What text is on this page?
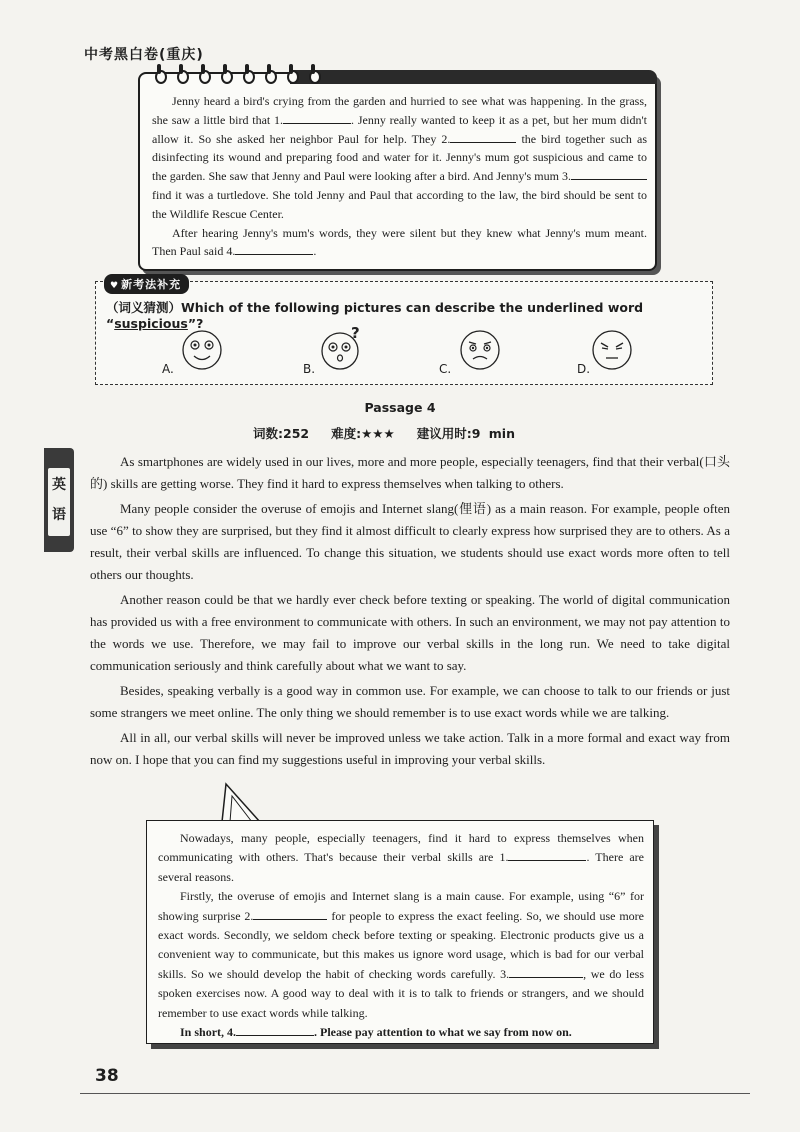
中考黑白卷(重庆)

Jenny heard a bird's crying from the garden and hurried to see what was happening. In the grass, she saw a little bird that 1.	. Jenny really wanted to keep it as a pet, but her mum didn't allow it. So she asked her neighbor Paul for help. They 2.	the bird together such as disinfecting its wound and preparing food and water for it. Jenny's mum got suspicious and came to the garden. She saw that Jenny and Paul were looking after a bird. And Jenny's mum 3. find it was a turtledove. She told Jenny and Paul that according to the law, the bird should be sent to the Wildlife Rescue Center.

After hearing Jenny's mum's words, they were silent but they knew what Jenny's mum meant. Then Paul said 4.	.

♥ 新考法补充
（词义猜测）Which of the following pictures can describe the underlined word “suspicious”?
?
A.	B.	C.	D.
Passage 4
词数:252 难度:★★★ 建议用时:9 min
英
语

As smartphones are widely used in our lives, more and more people, especially teenagers, find that their verbal(口头的) skills are getting worse. They find it hard to express themselves when talking to others.

Many people consider the overuse of emojis and Internet slang(俚语) as a main reason. For example, people often use “6” to show they are surprised, but they find it almost difficult to clearly express how surprised they are to others. As a result, their verbal skills are influenced. To change this situation, we students should use exact words more often to tell others our thoughts.

Another reason could be that we hardly ever check before texting or speaking. The world of digital communication has provided us with a free environment to communicate with others. In such an environment, we may not pay attention to the words we use. Therefore, we may fail to improve our verbal skills in the long run. We need to take digital communication seriously and think carefully about what we want to say.

Besides, speaking verbally is a good way in common use. For example, we can choose to talk to our friends or just some strangers we meet online. The only thing we should remember is to use exact words while we are talking.

All in all, our verbal skills will never be improved unless we take action. Talk in a more formal and exact way from now on. I hope that you can find my suggestions useful in improving your verbal skills.

Nowadays, many people, especially teenagers, find it hard to express themselves when communicating with others. That's because their verbal skills are 1.	. There are several reasons.

Firstly, the overuse of emojis and Internet slang is a main cause. For example, using “6” for showing surprise 2.	for people to express the exact feeling. So, we should use more exact words. Secondly, we seldom check before texting or speaking. Electronic products give us a convenient way to communicate, but this makes us ignore word usage, which is bad for our verbal skills. So we should develop the habit of checking words carefully. 3.	, we do less spoken exercises now. A good way to deal with it is to talk to friends or strangers, and we should remember to use exact words while talking.

In short, 4.	. Please pay attention to what we say from now on.

38
